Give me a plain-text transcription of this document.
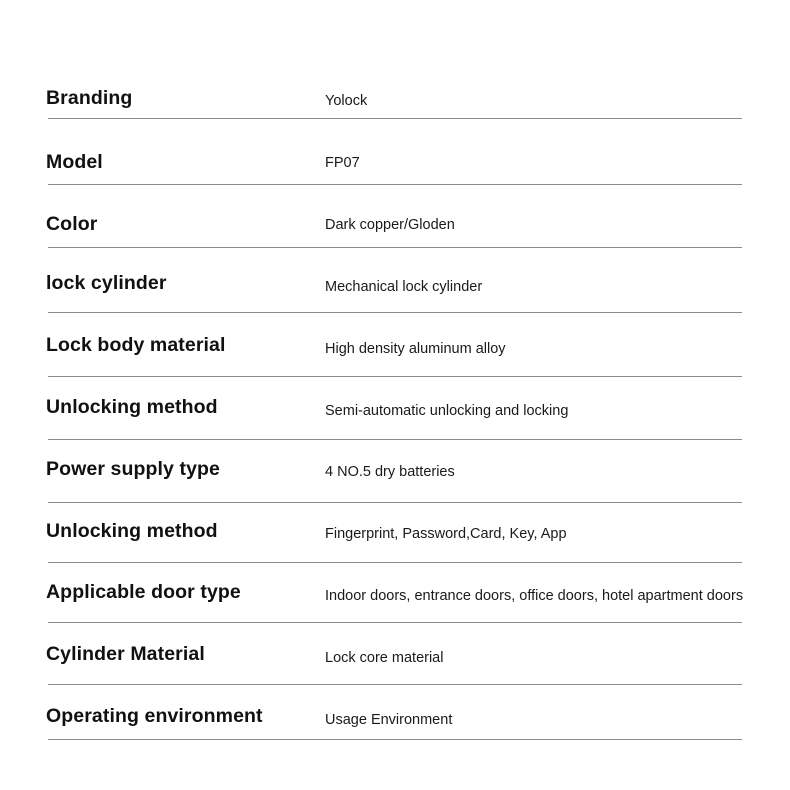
Branding	Yolock
Model	FP07
Color	Dark copper/Gloden
lock cylinder	Mechanical lock cylinder
Lock body material	High density aluminum alloy
Unlocking method	Semi-automatic unlocking and locking
Power supply type	4 NO.5 dry batteries
Unlocking method	Fingerprint, Password,Card, Key, App
Applicable door type	Indoor doors, entrance doors, office doors, hotel apartment doors
Cylinder Material	Lock core material
Operating environment	Usage Environment
